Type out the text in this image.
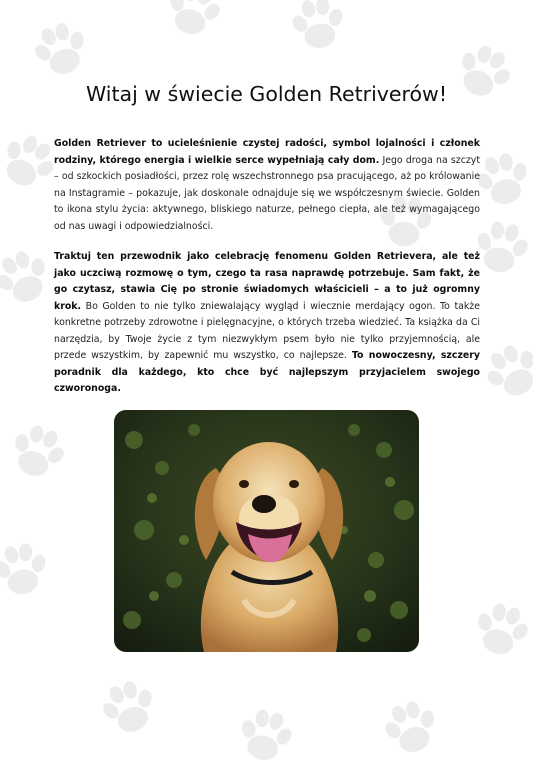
Witaj w świecie Golden Retriverów!

Golden Retriever to ucieleśnienie czystej radości, symbol lojalności i członek rodziny, którego energia i wielkie serce wypełniają cały dom. Jego droga na szczyt – od szkockich posiadłości, przez rolę wszechstronnego psa pracującego, aż po królowanie na Instagramie – pokazuje, jak doskonale odnajduje się we współczesnym świecie. Golden to ikona stylu życia: aktywnego, bliskiego naturze, pełnego ciepła, ale też wymagającego od nas uwagi i odpowiedzialności.

Traktuj ten przewodnik jako celebrację fenomenu Golden Retrievera, ale też jako uczciwą rozmowę o tym, czego ta rasa naprawdę potrzebuje. Sam fakt, że go czytasz, stawia Cię po stronie świadomych właścicieli – a to już ogromny krok. Bo Golden to nie tylko zniewalający wygląd i wiecznie merdający ogon. To także konkretne potrzeby zdrowotne i pielęgnacyjne, o których trzeba wiedzieć. Ta książka da Ci narzędzia, by Twoje życie z tym niezwykłym psem było nie tylko przyjemnością, ale przede wszystkim, by zapewnić mu wszystko, co najlepsze. To nowoczesny, szczery poradnik dla każdego, kto chce być najlepszym przyjacielem swojego czworonoga.
